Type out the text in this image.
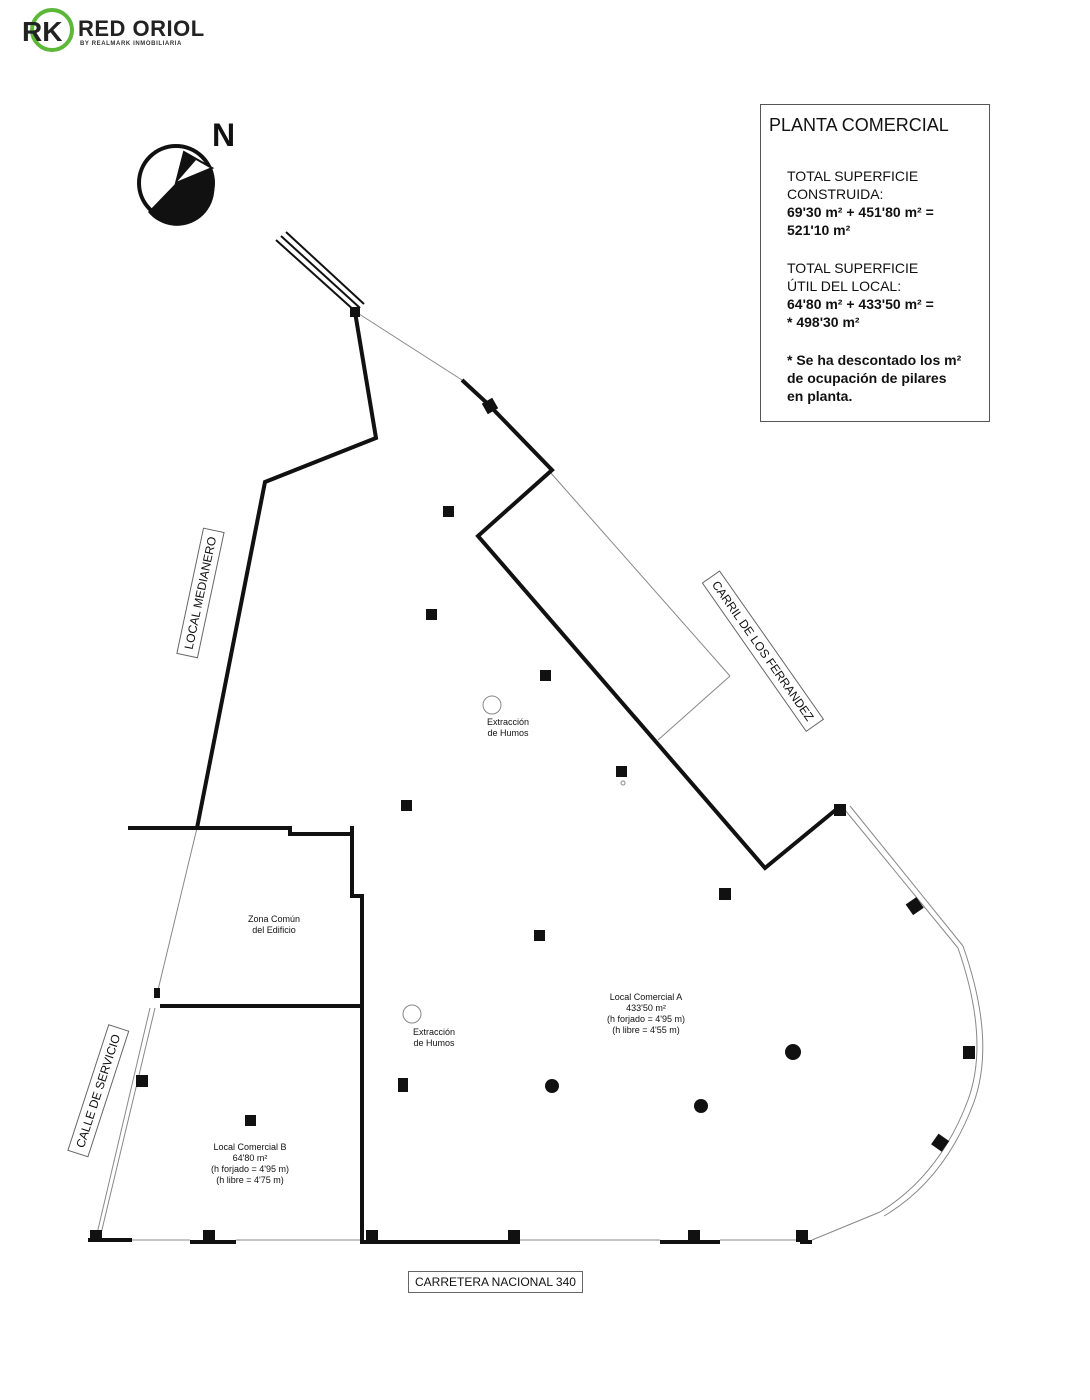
RK RED ORIOL
BY REALMARK INMOBILIARIA
N	PLANTA COMERCIAL
TOTAL SUPERFICIE
CONSTRUIDA:
69'30 m² + 451'80 m² =
521'10 m²
TOTAL SUPERFICIE
ÚTIL DEL LOCAL:
64'80 m² + 433'50 m² =
* 498'30 m²
* Se ha descontado los m²
de ocupación de pilares
en planta.
LOCAL MEDIANERO	CARRIL DE LOS FERRANDEZ
CALLE DE SERVICIO
CARRETERA NACIONAL 340
Extracción
de Humos
Extracción
de Humos
Zona Común
del Edificio
Local Comercial A
433'50 m²
(h forjado = 4'95 m)
(h libre = 4'55 m)
Local Comercial B
64'80 m²
(h forjado = 4'95 m)
(h libre = 4'75 m)
